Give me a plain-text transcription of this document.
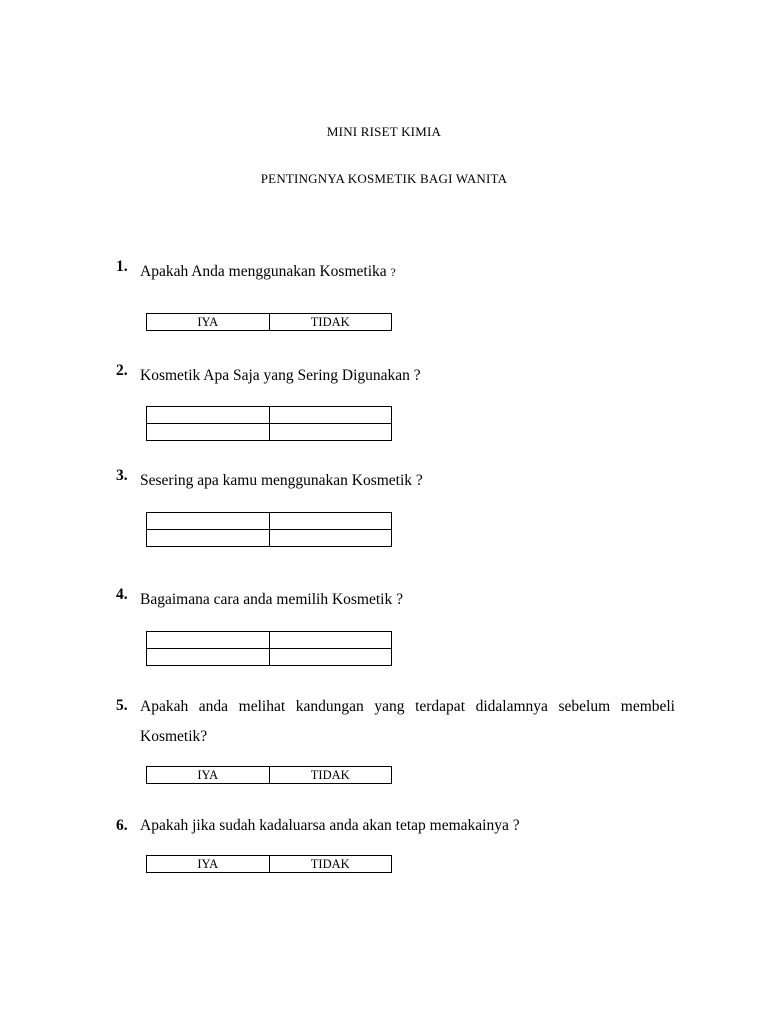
MINI RISET KIMIA
PENTINGNYA KOSMETIK BAGI WANITA
1. Apakah Anda menggunakan Kosmetika ?
IYA	TIDAK
2. Kosmetik Apa Saja yang Sering Digunakan ?

3. Sesering apa kamu menggunakan Kosmetik ?

4. Bagaimana cara anda memilih Kosmetik ?

5. Apakah anda melihat kandungan yang terdapat didalamnya sebelum membeli Kosmetik?
IYA	TIDAK
6. Apakah jika sudah kadaluarsa anda akan tetap memakainya ?
IYA	TIDAK
